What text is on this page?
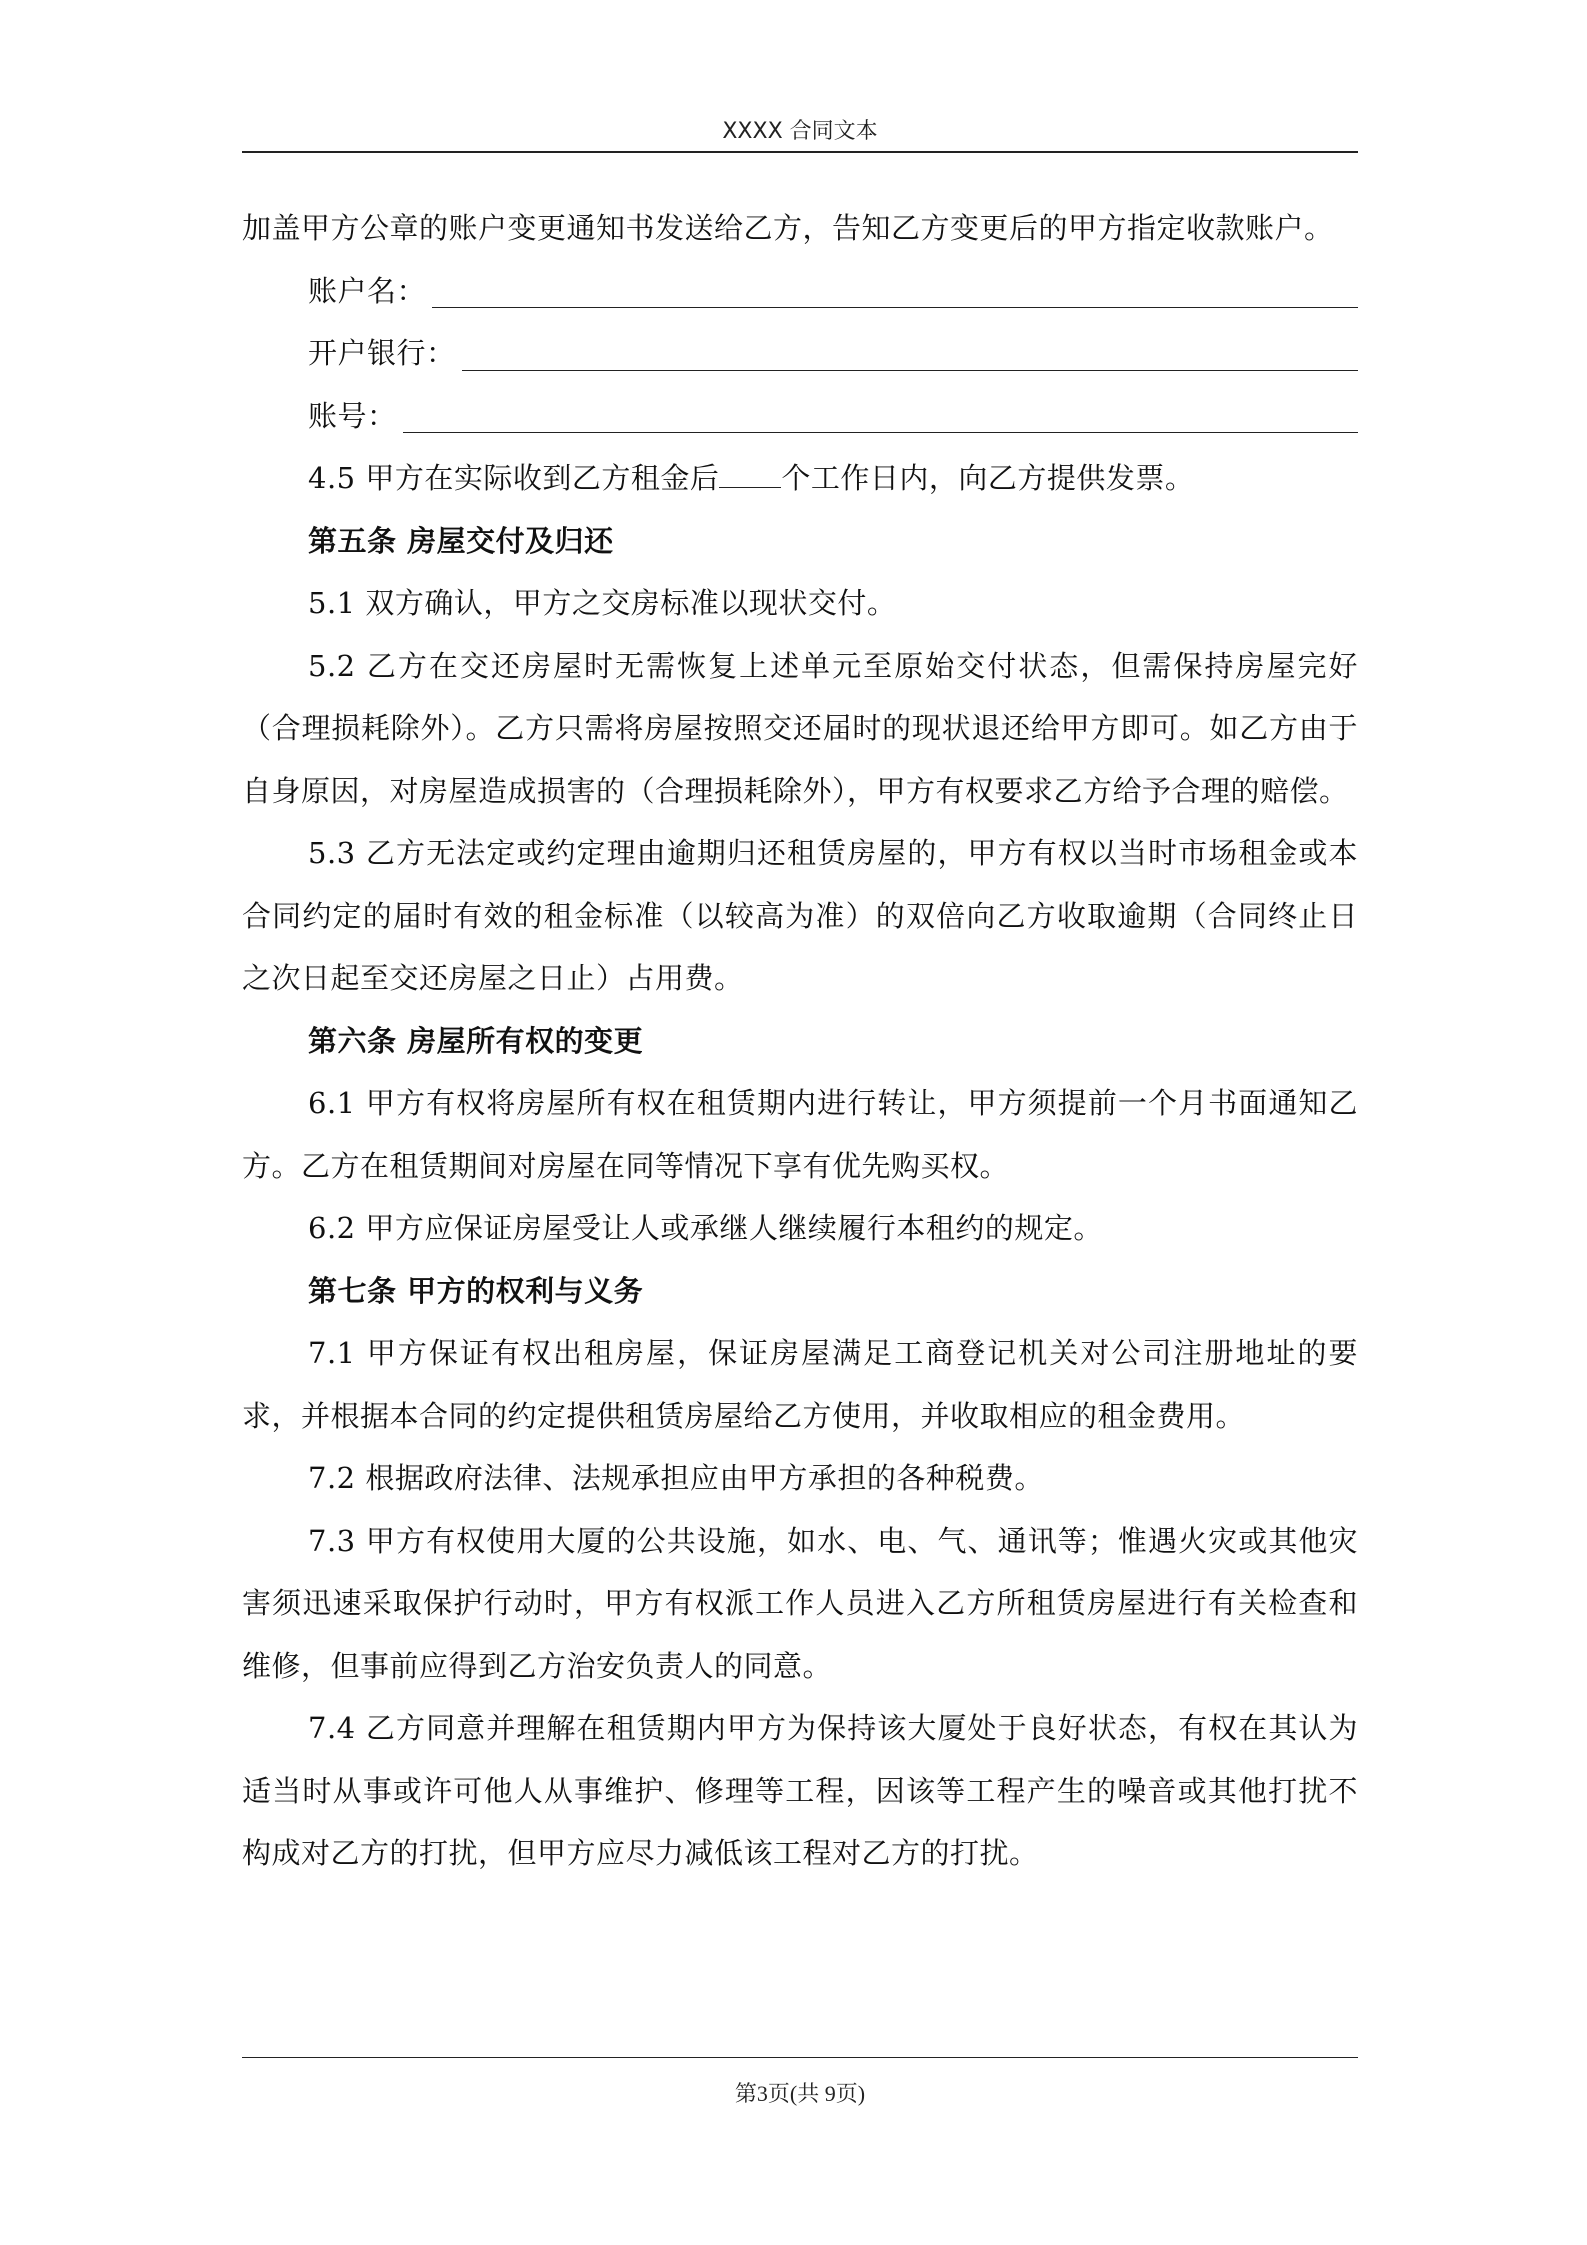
XXXX 合同文本

加盖甲方公章的账户变更通知书发送给乙方，告知乙方变更后的甲方指定收款账户。

账户名：
开户银行：
账号：

4.5 甲方在实际收到乙方租金后 个工作日内，向乙方提供发票。

第五条 房屋交付及归还

5.1 双方确认，甲方之交房标准以现状交付。

5.2 乙方在交还房屋时无需恢复上述单元至原始交付状态，但需保持房屋完好（合理损耗除外）。乙方只需将房屋按照交还届时的现状退还给甲方即可。如乙方由于自身原因，对房屋造成损害的（合理损耗除外），甲方有权要求乙方给予合理的赔偿。

5.3 乙方无法定或约定理由逾期归还租赁房屋的，甲方有权以当时市场租金或本合同约定的届时有效的租金标准（以较高为准）的双倍向乙方收取逾期（合同终止日之次日起至交还房屋之日止）占用费。

第六条 房屋所有权的变更

6.1 甲方有权将房屋所有权在租赁期内进行转让，甲方须提前一个月书面通知乙方。乙方在租赁期间对房屋在同等情况下享有优先购买权。

6.2 甲方应保证房屋受让人或承继人继续履行本租约的规定。

第七条 甲方的权利与义务

7.1 甲方保证有权出租房屋，保证房屋满足工商登记机关对公司注册地址的要求，并根据本合同的约定提供租赁房屋给乙方使用，并收取相应的租金费用。

7.2 根据政府法律、法规承担应由甲方承担的各种税费。

7.3 甲方有权使用大厦的公共设施，如水、电、气、通讯等；惟遇火灾或其他灾害须迅速采取保护行动时，甲方有权派工作人员进入乙方所租赁房屋进行有关检查和维修，但事前应得到乙方治安负责人的同意。

7.4 乙方同意并理解在租赁期内甲方为保持该大厦处于良好状态，有权在其认为适当时从事或许可他人从事维护、修理等工程，因该等工程产生的噪音或其他打扰不构成对乙方的打扰，但甲方应尽力减低该工程对乙方的打扰。

第3页(共 9页)
